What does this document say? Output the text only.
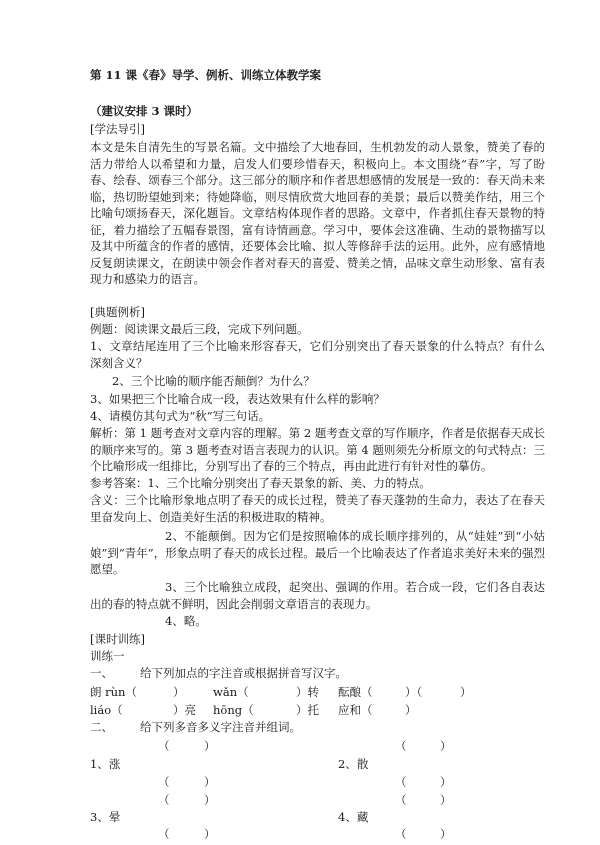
第 11 课《春》导学、例析、训练立体教学案
（建议安排 3 课时）
[学法导引]
本文是朱自清先生的写景名篇。文中描绘了大地春回，生机勃发的动人景象，赞美了春的活力带给人以希望和力量，启发人们要珍惜春天，积极向上。本文围绕“春”字，写了盼春、绘春、颂春三个部分。这三部分的顺序和作者思想感情的发展是一致的：春天尚未来临，热切盼望她到来；待她降临，则尽情欣赏大地回春的美景；最后以赞美作结，用三个比喻句颂扬春天，深化题旨。文章结构体现作者的思路。文章中，作者抓住春天景物的特征，着力描绘了五幅春景图，富有诗情画意。学习中，要体会这准确、生动的景物描写以及其中所蕴含的作者的感情，还要体会比喻、拟人等修辞手法的运用。此外，应有感情地反复朗读课文，在朗读中领会作者对春天的喜爱、赞美之情，品味文章生动形象、富有表现力和感染力的语言。
[典题例析]
例题：阅读课文最后三段，完成下列问题。
1、文章结尾连用了三个比喻来形容春天，它们分别突出了春天景象的什么特点？有什么深刻含义？
2、三个比喻的顺序能否颠倒？为什么？
3、如果把三个比喻合成一段，表达效果有什么样的影响？
4、请模仿其句式为“秋”写三句话。
解析：第 1 题考查对文章内容的理解。第 2 题考查文章的写作顺序，作者是依据春天成长的顺序来写的。第 3 题考查对语言表现力的认识。第 4 题则须先分析原文的句式特点：三个比喻形成一组排比，分别写出了春的三个特点，再由此进行有针对性的摹仿。
参考答案：1、三个比喻分别突出了春天景象的新、美、力的特点。
含义：三个比喻形象地点明了春天的成长过程，赞美了春天蓬勃的生命力，表达了在春天里奋发向上、创造美好生活的积极进取的精神。
2、不能颠倒。因为它们是按照喻体的成长顺序排列的，从“娃娃”到“小姑娘”到“青年”，形象点明了春天的成长过程。最后一个比喻表达了作者追求美好未来的强烈愿望。
3、三个比喻独立成段，起突出、强调的作用。若合成一段，它们各自表达出的春的特点就不鲜明，因此会削弱文章语言的表现力。
4、略。
[课时训练]
训练一
一、 给下列加点的字注音或根据拼音写汉字。
朗 rùn（	） wǎn（	）转 酝酿（	）（	）
liáo（	）亮 hōng（	）托 应和（	）
二、 给下列多音多义字注音并组词。
（	）	（	）
1、涨	2、散
（	）	（	）
（	）	（	）
3、晕	4、藏
（	）	（	）
